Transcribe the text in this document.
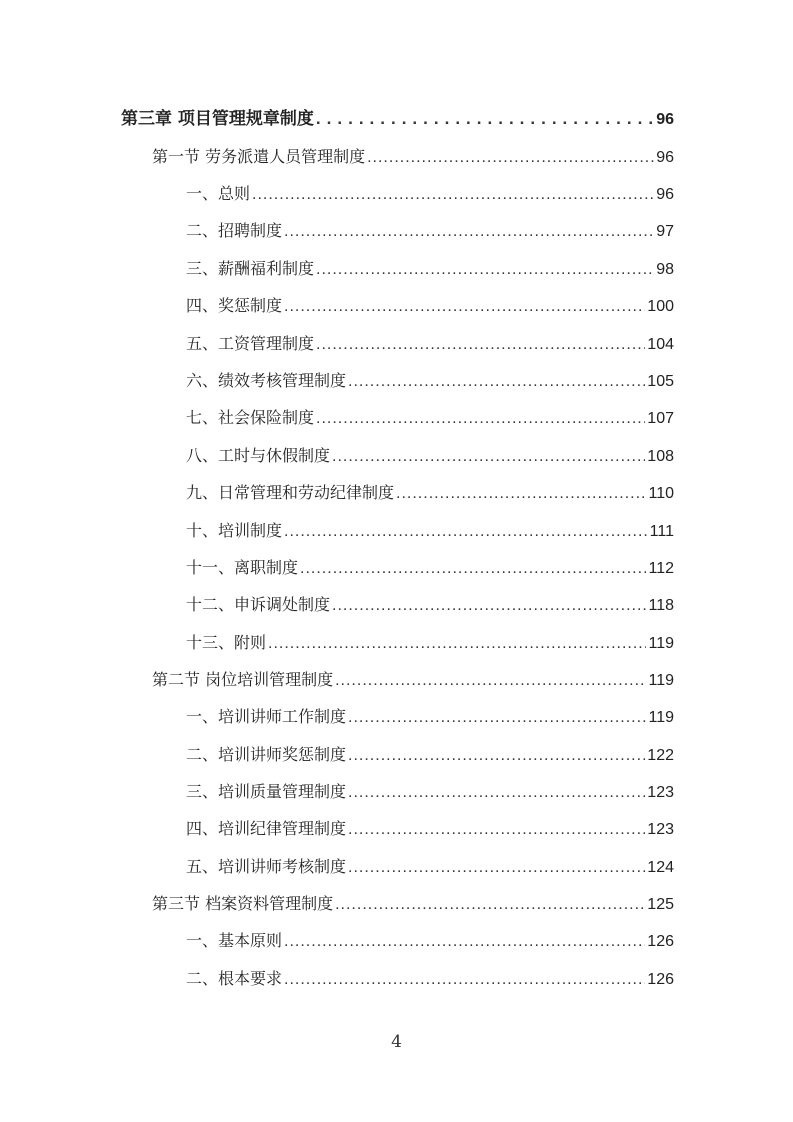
第三章 项目管理规章制度 .....	96
第一节 劳务派遣人员管理制度 .....	96
一、总则 .....	96
二、招聘制度 .....	97
三、薪酬福利制度 .....	98
四、奖惩制度 .....	100
五、工资管理制度 .....	104
六、绩效考核管理制度 .....	105
七、社会保险制度 .....	107
八、工时与休假制度 .....	108
九、日常管理和劳动纪律制度 .....	110
十、培训制度 .....	111
十一、离职制度 .....	112
十二、申诉调处制度 .....	118
十三、附则 .....	119
第二节 岗位培训管理制度 .....	119
一、培训讲师工作制度 .....	119
二、培训讲师奖惩制度 .....	122
三、培训质量管理制度 .....	123
四、培训纪律管理制度 .....	123
五、培训讲师考核制度 .....	124
第三节 档案资料管理制度 .....	125
一、基本原则 .....	126
二、根本要求 .....	126
4
